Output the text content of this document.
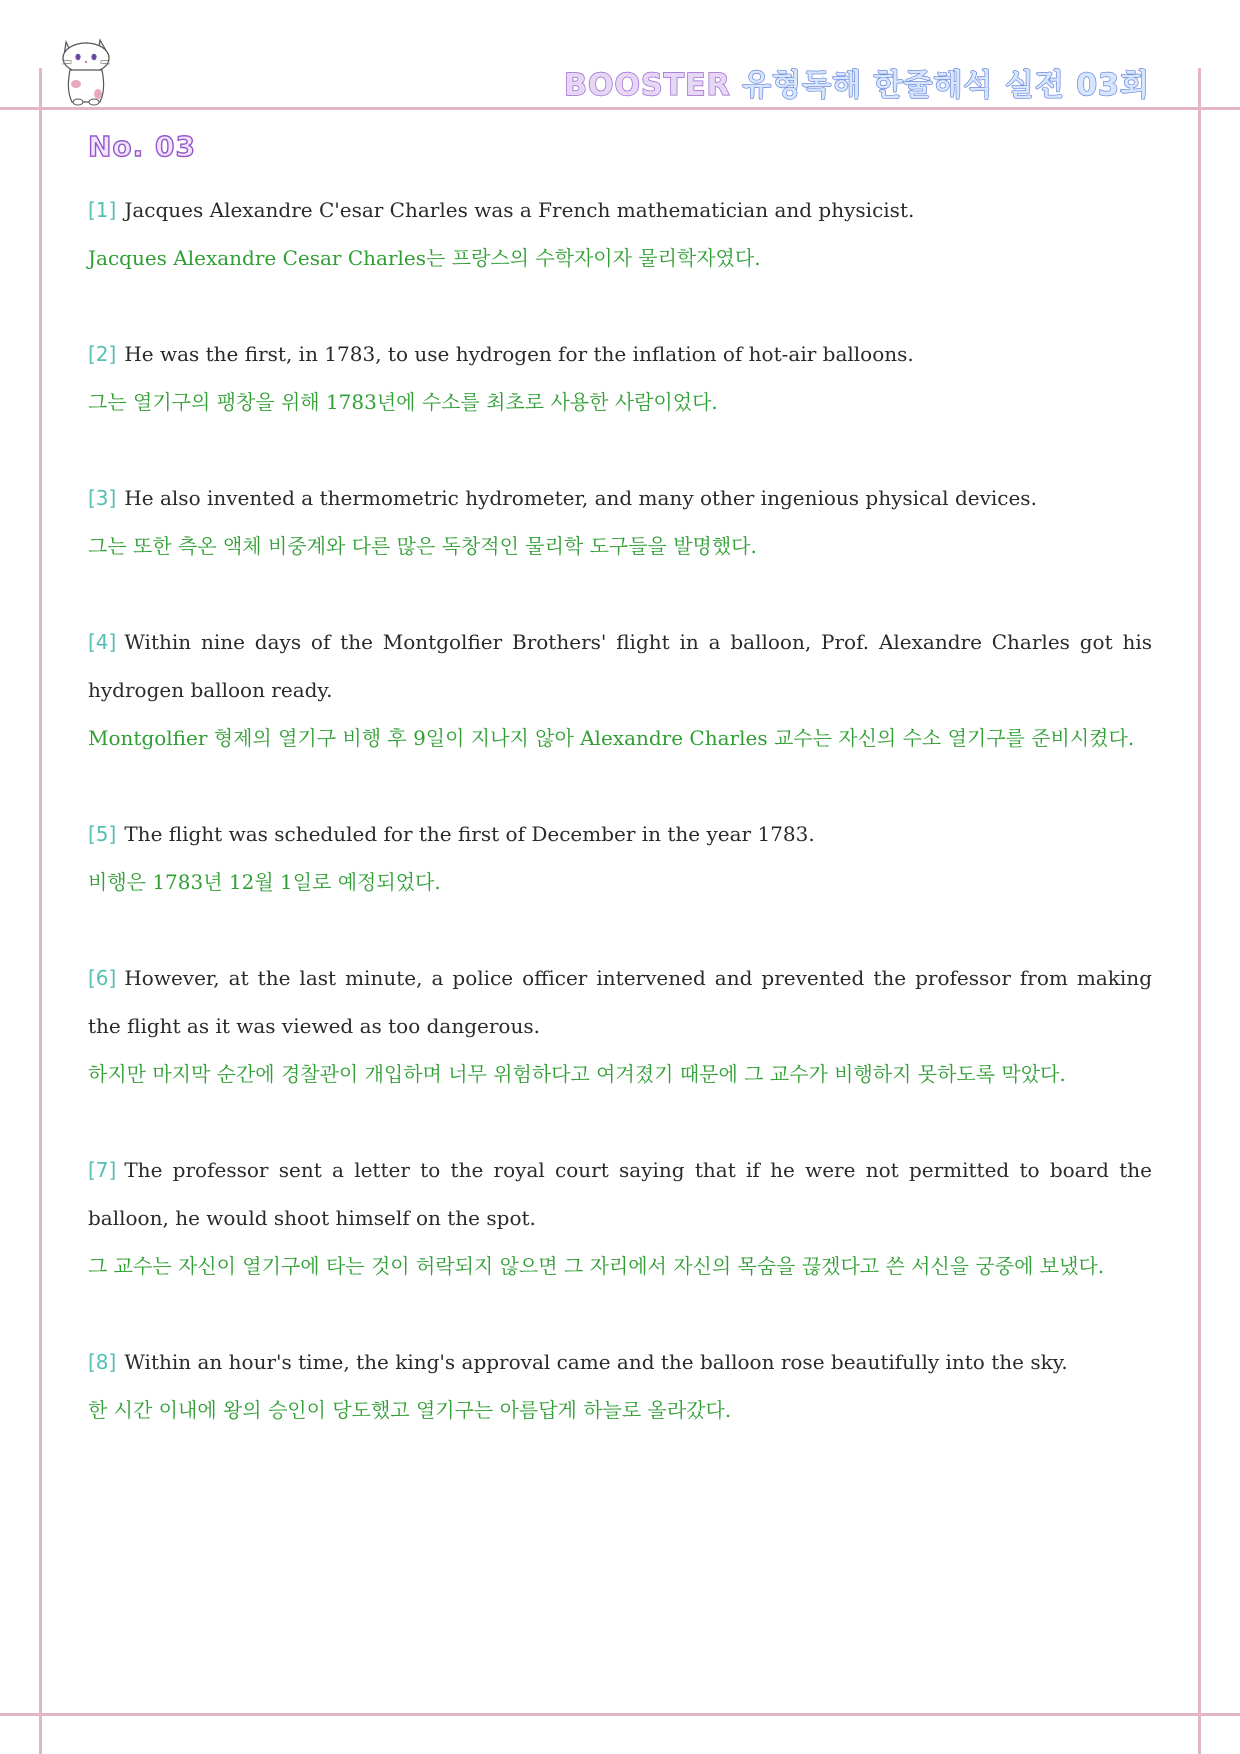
BOOSTER 유형독해 한줄해석 실전 03회
No. 03

[1] Jacques Alexandre C'esar Charles was a French mathematician and physicist.

Jacques Alexandre Cesar Charles는 프랑스의 수학자이자 물리학자였다.

[2] He was the first, in 1783, to use hydrogen for the inflation of hot-air balloons.

그는 열기구의 팽창을 위해 1783년에 수소를 최초로 사용한 사람이었다.

[3] He also invented a thermometric hydrometer, and many other ingenious physical devices.

그는 또한 측온 액체 비중계와 다른 많은 독창적인 물리학 도구들을 발명했다.

[4] Within nine days of the Montgolfier Brothers' flight in a balloon, Prof. Alexandre Charles got his hydrogen balloon ready.

Montgolfier 형제의 열기구 비행 후 9일이 지나지 않아 Alexandre Charles 교수는 자신의 수소 열기구를 준비시켰다.

[5] The flight was scheduled for the first of December in the year 1783.

비행은 1783년 12월 1일로 예정되었다.

[6] However, at the last minute, a police officer intervened and prevented the professor from making the flight as it was viewed as too dangerous.

하지만 마지막 순간에 경찰관이 개입하며 너무 위험하다고 여겨졌기 때문에 그 교수가 비행하지 못하도록 막았다.

[7] The professor sent a letter to the royal court saying that if he were not permitted to board the balloon, he would shoot himself on the spot.

그 교수는 자신이 열기구에 타는 것이 허락되지 않으면 그 자리에서 자신의 목숨을 끊겠다고 쓴 서신을 궁중에 보냈다.

[8] Within an hour's time, the king's approval came and the balloon rose beautifully into the sky.

한 시간 이내에 왕의 승인이 당도했고 열기구는 아름답게 하늘로 올라갔다.
